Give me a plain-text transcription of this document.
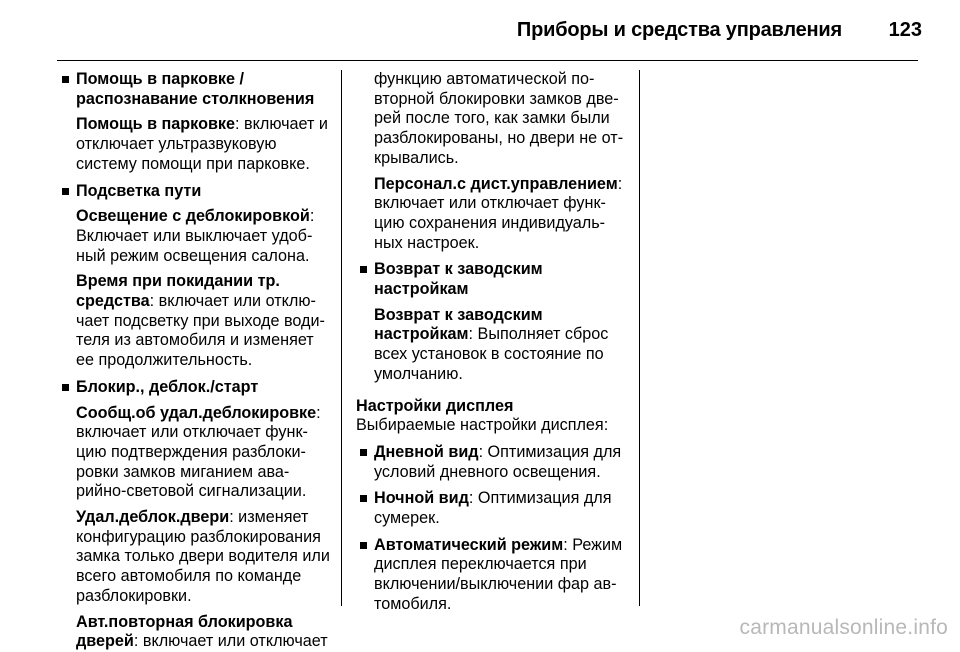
Приборы и средства управления 123
Помощь в парковке / распознавание столкновения
Помощь в парковке: включает и отключает ультразвуковую систему помощи при парковке.
Подсветка пути
Освещение с деблокировкой: Включает или выключает удоб-ный режим освещения салона.
Время при покидании тр. средства: включает или отклю-чает подсветку при выходе води-теля из автомобиля и изменяет ее продолжительность.
Блокир., деблок./старт
Сообщ.об удал.деблокировке: включает или отключает функ-цию подтверждения разблоки-ровки замков миганием ава-рийно-световой сигнализации.
Удал.деблок.двери: изменяет конфигурацию разблокирования замка только двери водителя или всего автомобиля по команде разблокировки.
Авт.повторная блокировка дверей: включает или отключает
функцию автоматической по-вторной блокировки замков две-рей после того, как замки были разблокированы, но двери не от-крывались.
Персонал.с дист.управлением: включает или отключает функ-цию сохранения индивидуаль-ных настроек.
Возврат к заводским настройкам
Возврат к заводским настройкам: Выполняет сброс всех установок в состояние по умолчанию.
Настройки дисплея
Выбираемые настройки дисплея:
Дневной вид: Оптимизация для условий дневного освещения.
Ночной вид: Оптимизация для сумерек.
Автоматический режим: Режим дисплея переключается при включении/выключении фар ав-томобиля.
carmanualsonline.info
